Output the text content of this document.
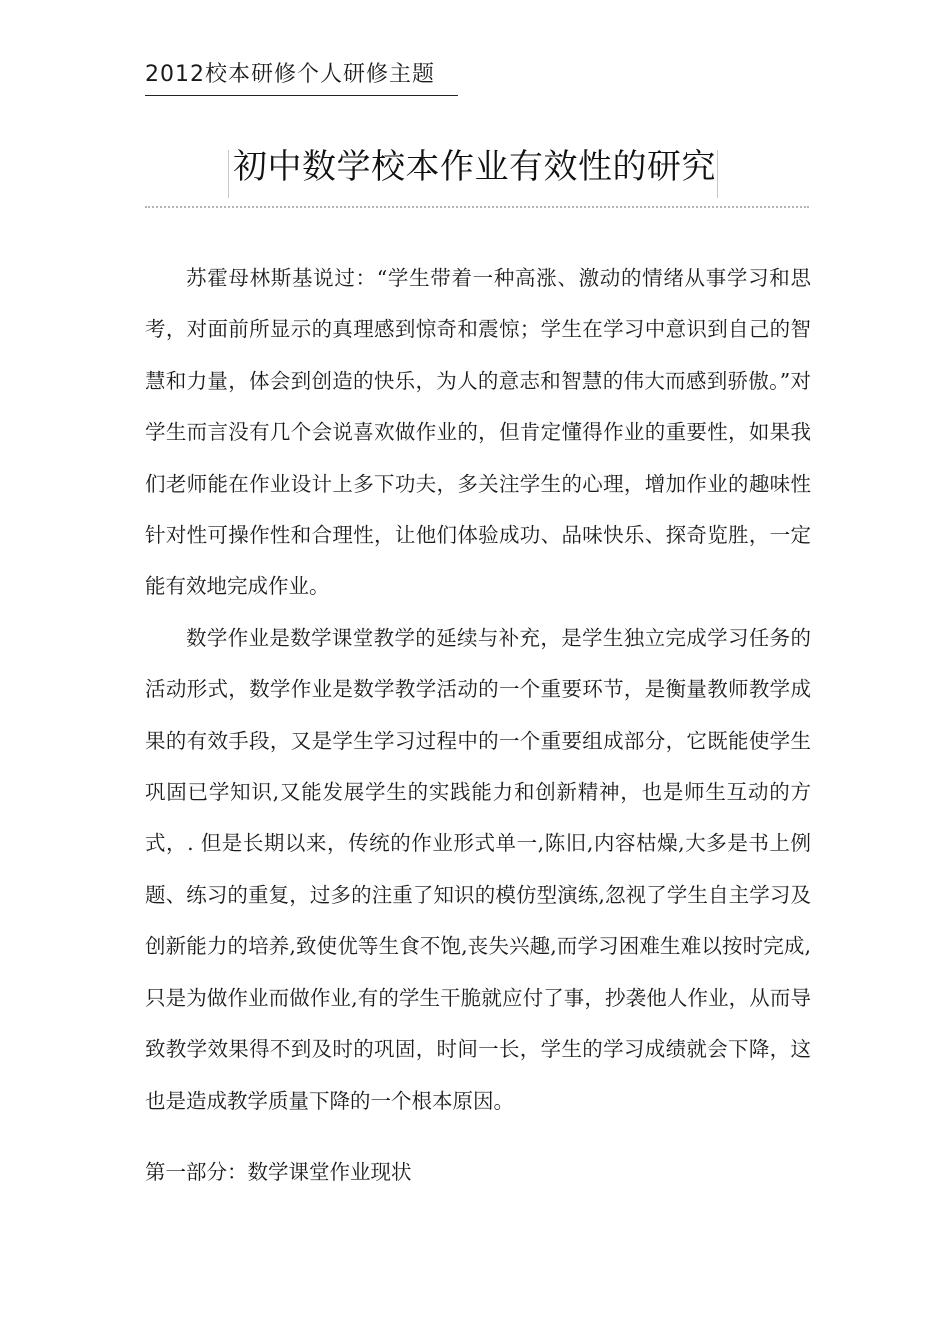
2012校本研修个人研修主题
初中数学校本作业有效性的研究

苏霍母林斯基说过：“学生带着一种高涨、激动的情绪从事学习和思考，对面前所显示的真理感到惊奇和震惊；学生在学习中意识到自己的智慧和力量，体会到创造的快乐，为人的意志和智慧的伟大而感到骄傲。”对学生而言没有几个会说喜欢做作业的，但肯定懂得作业的重要性，如果我们老师能在作业设计上多下功夫，多关注学生的心理，增加作业的趣味性针对性可操作性和合理性，让他们体验成功、品味快乐、探奇览胜，一定能有效地完成作业。

数学作业是数学课堂教学的延续与补充，是学生独立完成学习任务的活动形式，数学作业是数学教学活动的一个重要环节，是衡量教师教学成果的有效手段，又是学生学习过程中的一个重要组成部分，它既能使学生巩固已学知识,又能发展学生的实践能力和创新精神，也是师生互动的方式，. 但是长期以来，传统的作业形式单一,陈旧,内容枯燥,大多是书上例题、练习的重复，过多的注重了知识的模仿型演练,忽视了学生自主学习及创新能力的培养,致使优等生食不饱,丧失兴趣,而学习困难生难以按时完成,只是为做作业而做作业,有的学生干脆就应付了事，抄袭他人作业，从而导致教学效果得不到及时的巩固，时间一长，学生的学习成绩就会下降，这也是造成教学质量下降的一个根本原因。

第一部分：数学课堂作业现状
